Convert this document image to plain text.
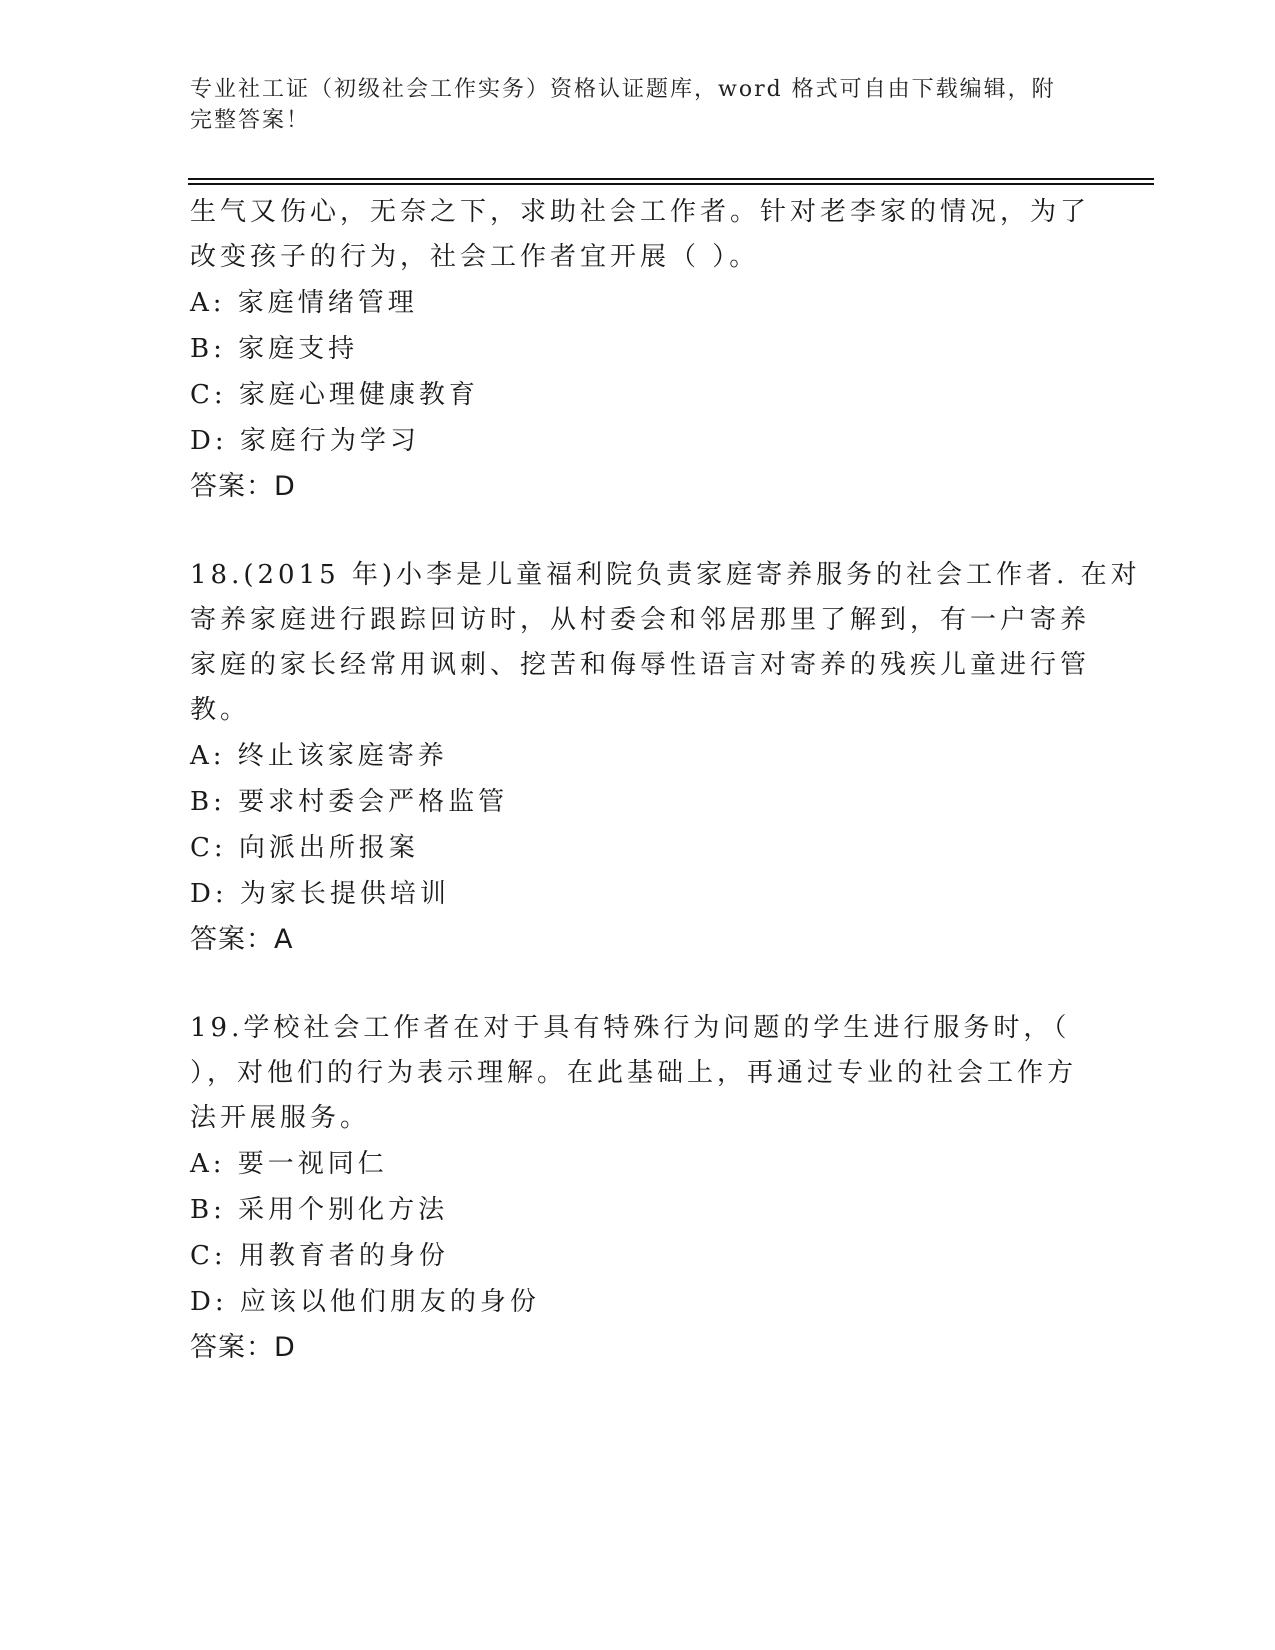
专业社工证（初级社会工作实务）资格认证题库，word 格式可自由下载编辑，附
完整答案！
生气又伤心，无奈之下，求助社会工作者。针对老李家的情况，为了
改变孩子的行为，社会工作者宜开展（ ）。
A: 家庭情绪管理
B: 家庭支持
C: 家庭心理健康教育
D: 家庭行为学习
答案：D
18.(2015 年)小李是儿童福利院负责家庭寄养服务的社会工作者. 在对
寄养家庭进行跟踪回访时，从村委会和邻居那里了解到，有一户寄养
家庭的家长经常用讽刺、挖苦和侮辱性语言对寄养的残疾儿童进行管
教。
A: 终止该家庭寄养
B: 要求村委会严格监管
C: 向派出所报案
D: 为家长提供培训
答案：A
19.学校社会工作者在对于具有特殊行为问题的学生进行服务时，（
），对他们的行为表示理解。在此基础上，再通过专业的社会工作方
法开展服务。
A: 要一视同仁
B: 采用个别化方法
C: 用教育者的身份
D: 应该以他们朋友的身份
答案：D
